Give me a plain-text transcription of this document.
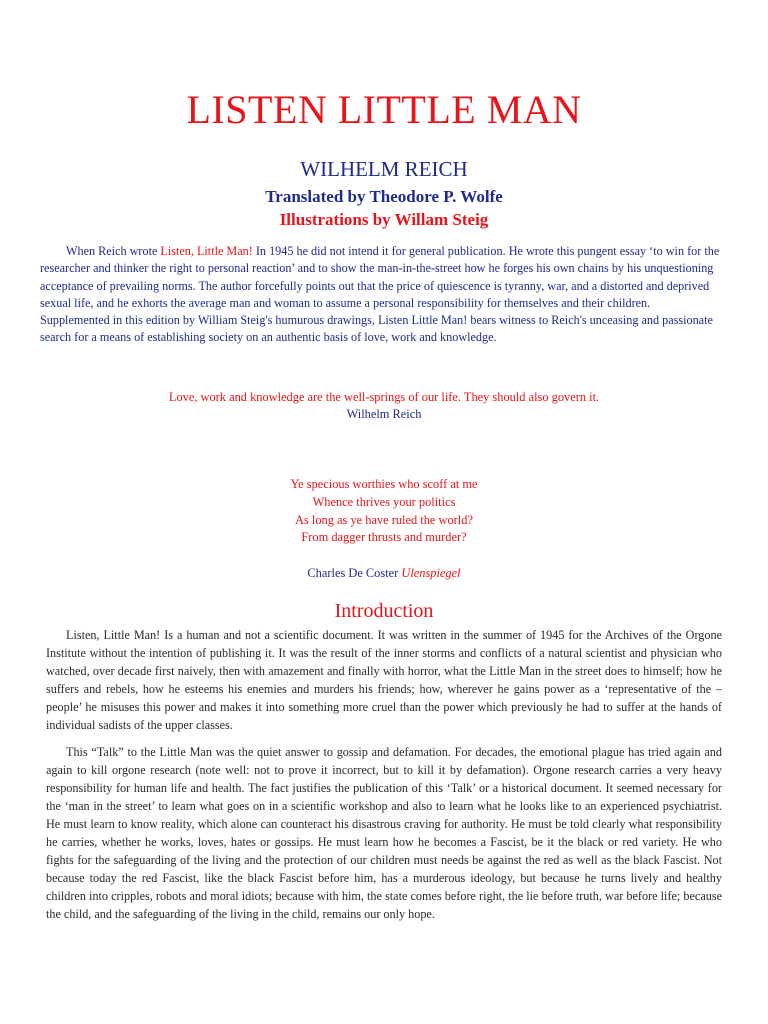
LISTEN LITTLE MAN
WILHELM REICH
Translated by Theodore P. Wolfe
Illustrations by Willam Steig

When Reich wrote Listen, Little Man! In 1945 he did not intend it for general publication. He wrote this pungent essay ‘to win for the researcher and thinker the right to personal reaction’ and to show the man-in-the-street how he forges his own chains by his unquestioning acceptance of prevailing norms. The author forcefully points out that the price of quiescence is tyranny, war, and a distorted and deprived sexual life, and he exhorts the average man and woman to assume a personal responsibility for themselves and their children. Supplemented in this edition by William Steig's humurous drawings, Listen Little Man! bears witness to Reich's unceasing and passionate search for a means of establishing society on an authentic basis of love, work and knowledge.

Love, work and knowledge are the well-springs of our life. They should also govern it.
Wilhelm Reich
Ye specious worthies who scoff at me
Whence thrives your politics
As long as ye have ruled the world?
From dagger thrusts and murder?
Charles De Coster Ulenspiegel
Introduction

Listen, Little Man! Is a human and not a scientific document. It was written in the summer of 1945 for the Archives of the Orgone Institute without the intention of publishing it. It was the result of the inner storms and conflicts of a natural scientist and physician who watched, over decade first naively, then with amazement and finally with horror, what the Little Man in the street does to himself; how he suffers and rebels, how he esteems his enemies and murders his friends; how, wherever he gains power as a ‘representative of the – people’ he misuses this power and makes it into something more cruel than the power which previously he had to suffer at the hands of individual sadists of the upper classes.

This “Talk” to the Little Man was the quiet answer to gossip and defamation. For decades, the emotional plague has tried again and again to kill orgone research (note well: not to prove it incorrect, but to kill it by defamation). Orgone research carries a very heavy responsibility for human life and health. The fact justifies the publication of this ‘Talk’ or a historical document. It seemed necessary for the ‘man in the street’ to learn what goes on in a scientific workshop and also to learn what he looks like to an experienced psychiatrist. He must learn to know reality, which alone can counteract his disastrous craving for authority. He must be told clearly what responsibility he carries, whether he works, loves, hates or gossips. He must learn how he becomes a Fascist, be it the black or red variety. He who fights for the safeguarding of the living and the protection of our children must needs be against the red as well as the black Fascist. Not because today the red Fascist, like the black Fascist before him, has a murderous ideology, but because he turns lively and healthy children into cripples, robots and moral idiots; because with him, the state comes before right, the lie before truth, war before life; because the child, and the safeguarding of the living in the child, remains our only hope.
